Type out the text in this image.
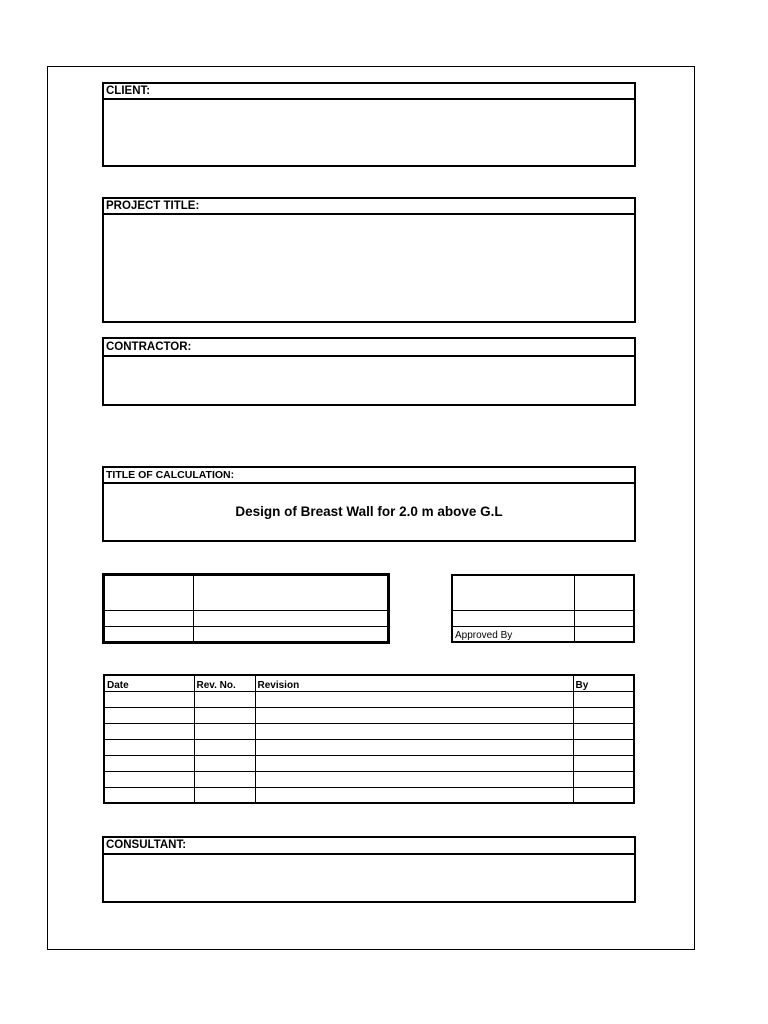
CLIENT:
PROJECT TITLE:
CONTRACTOR:
TITLE OF CALCULATION:
Design of Breast Wall for 2.0 m above G.L

Approved By	
Date	Rev. No.	Revision	By

CONSULTANT:
